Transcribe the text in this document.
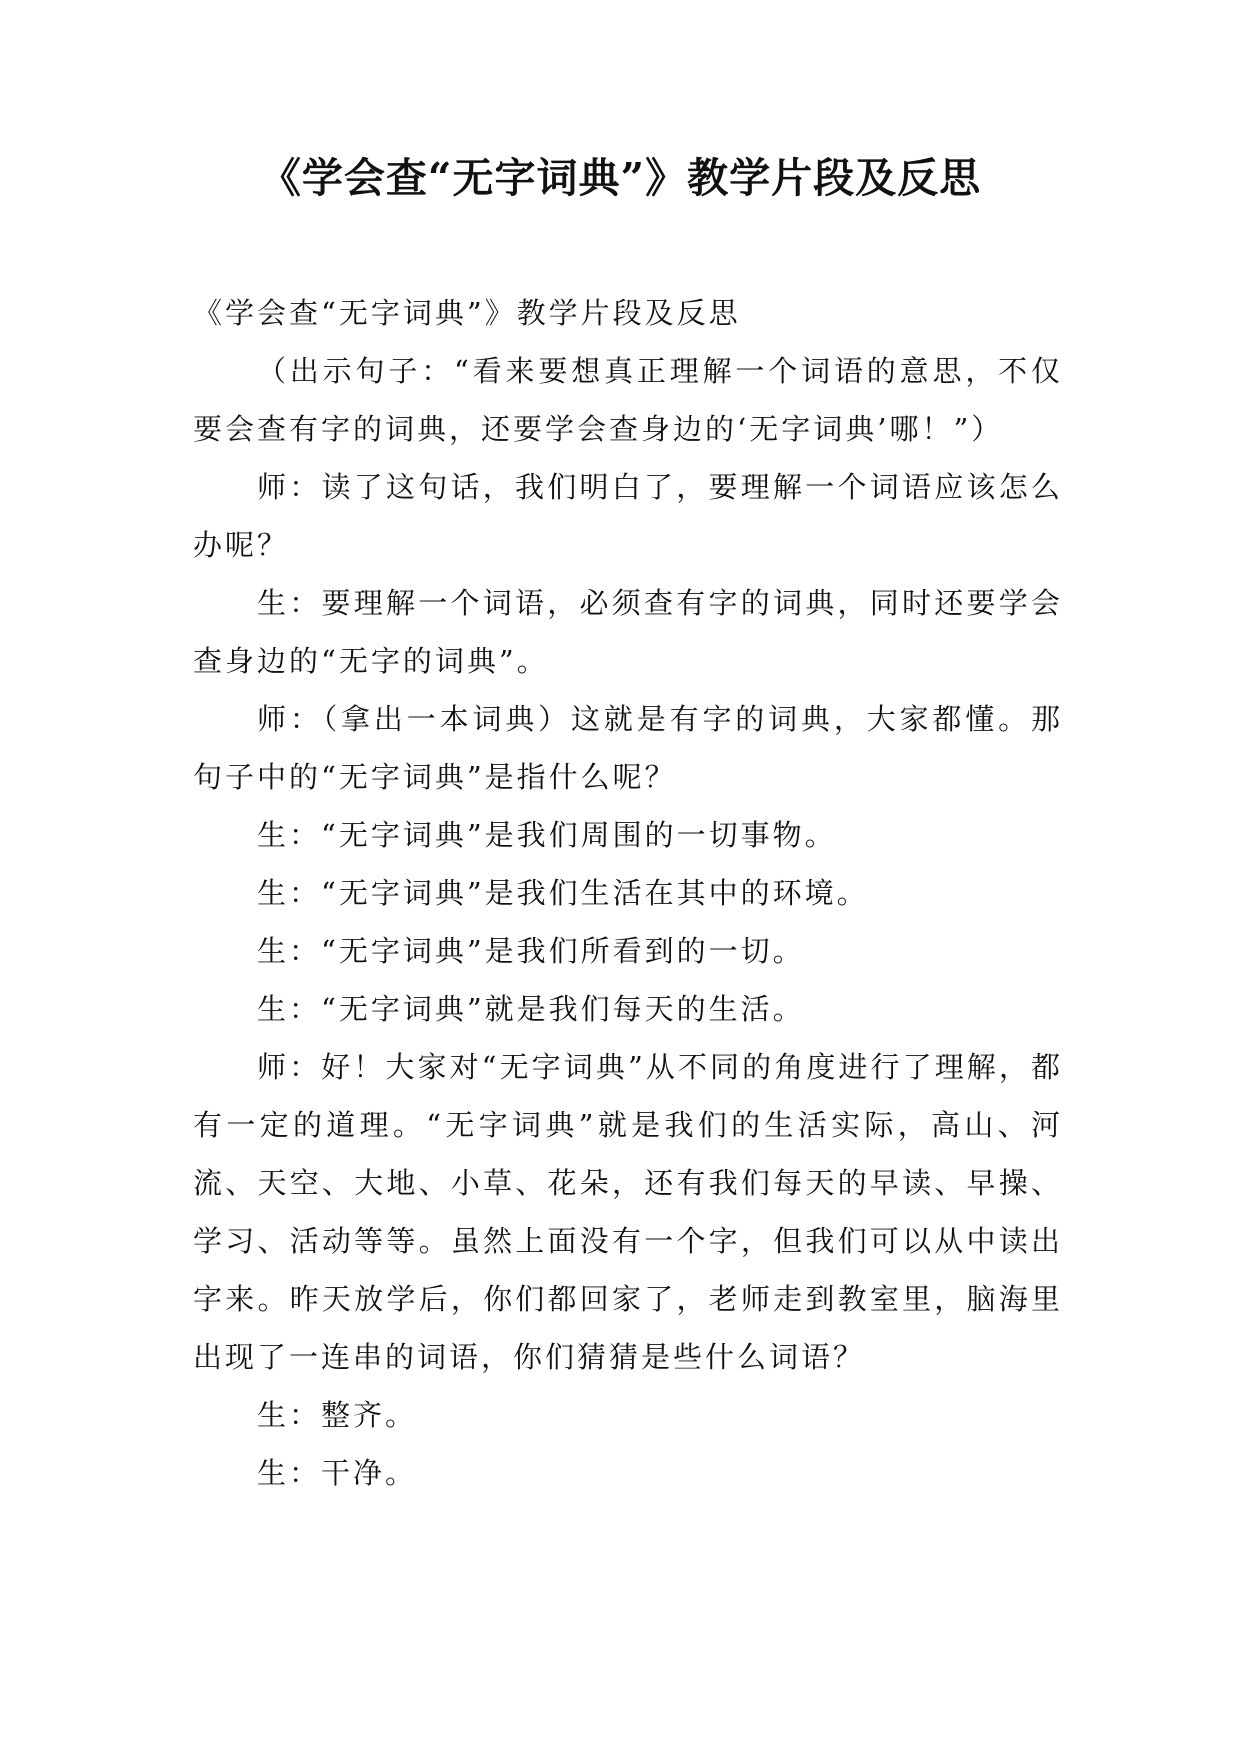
《学会查“无字词典”》教学片段及反思

《学会查“无字词典”》教学片段及反思

（出示句子：“看来要想真正理解一个词语的意思，不仅要会查有字的词典，还要学会查身边的‘无字词典’哪！”）

师：读了这句话，我们明白了，要理解一个词语应该怎么办呢？

生：要理解一个词语，必须查有字的词典，同时还要学会查身边的“无字的词典”。

师：（拿出一本词典）这就是有字的词典，大家都懂。那句子中的“无字词典”是指什么呢？

生：“无字词典”是我们周围的一切事物。

生：“无字词典”是我们生活在其中的环境。

生：“无字词典”是我们所看到的一切。

生：“无字词典”就是我们每天的生活。

师：好！大家对“无字词典”从不同的角度进行了理解，都有一定的道理。“无字词典”就是我们的生活实际，高山、河流、天空、大地、小草、花朵，还有我们每天的早读、早操、学习、活动等等。虽然上面没有一个字，但我们可以从中读出字来。昨天放学后，你们都回家了，老师走到教室里，脑海里出现了一连串的词语，你们猜猜是些什么词语？

生：整齐。

生：干净。
